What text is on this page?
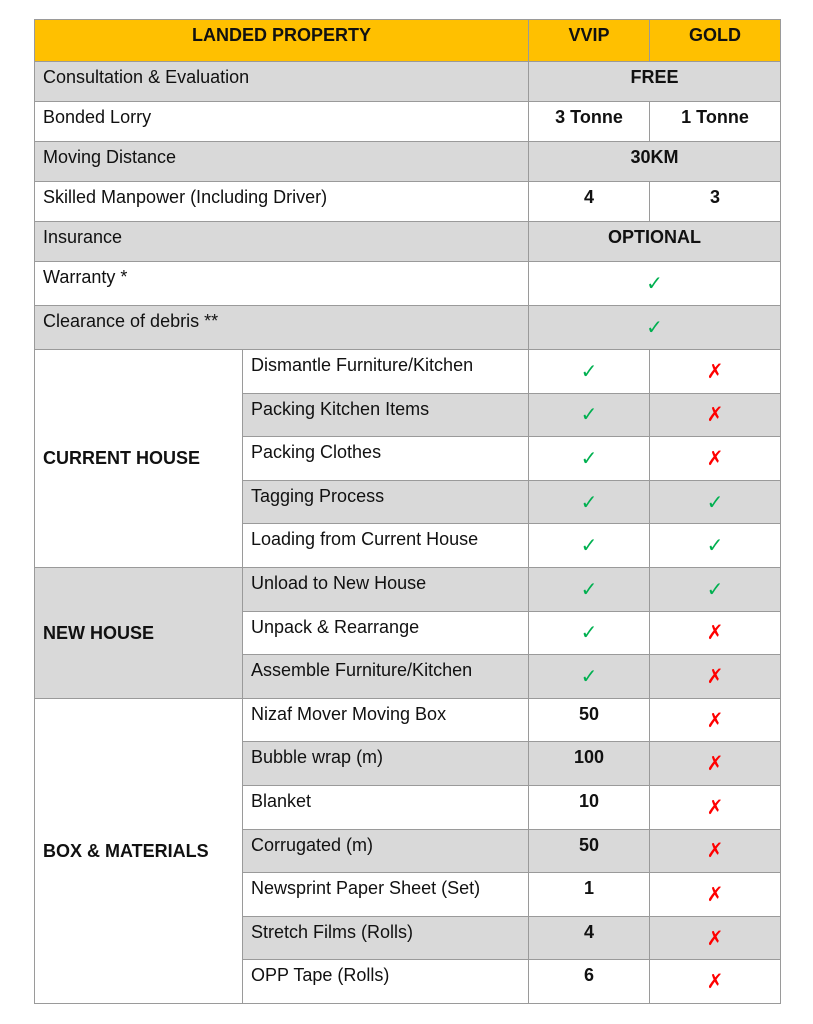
LANDED PROPERTY		VVIP	GOLD
Consultation & Evaluation		FREE	
Bonded Lorry		3 Tonne	1 Tonne
Moving Distance		30KM	
Skilled Manpower (Including Driver)		4	3
Insurance		OPTIONAL	
Warranty *		✓	
Clearance of debris **		✓	
CURRENT HOUSE	Dismantle Furniture/Kitchen	✓	✗
	Packing Kitchen Items	✓	✗
	Packing Clothes	✓	✗
	Tagging Process	✓	✓
	Loading from Current House	✓	✓
NEW HOUSE	Unload to New House	✓	✓
	Unpack & Rearrange	✓	✗
	Assemble Furniture/Kitchen	✓	✗
BOX & MATERIALS	Nizaf Mover Moving Box	50	✗
	Bubble wrap (m)	100	✗
	Blanket	10	✗
	Corrugated (m)	50	✗
	Newsprint Paper Sheet (Set)	1	✗
	Stretch Films (Rolls)	4	✗
	OPP Tape (Rolls)	6	✗
